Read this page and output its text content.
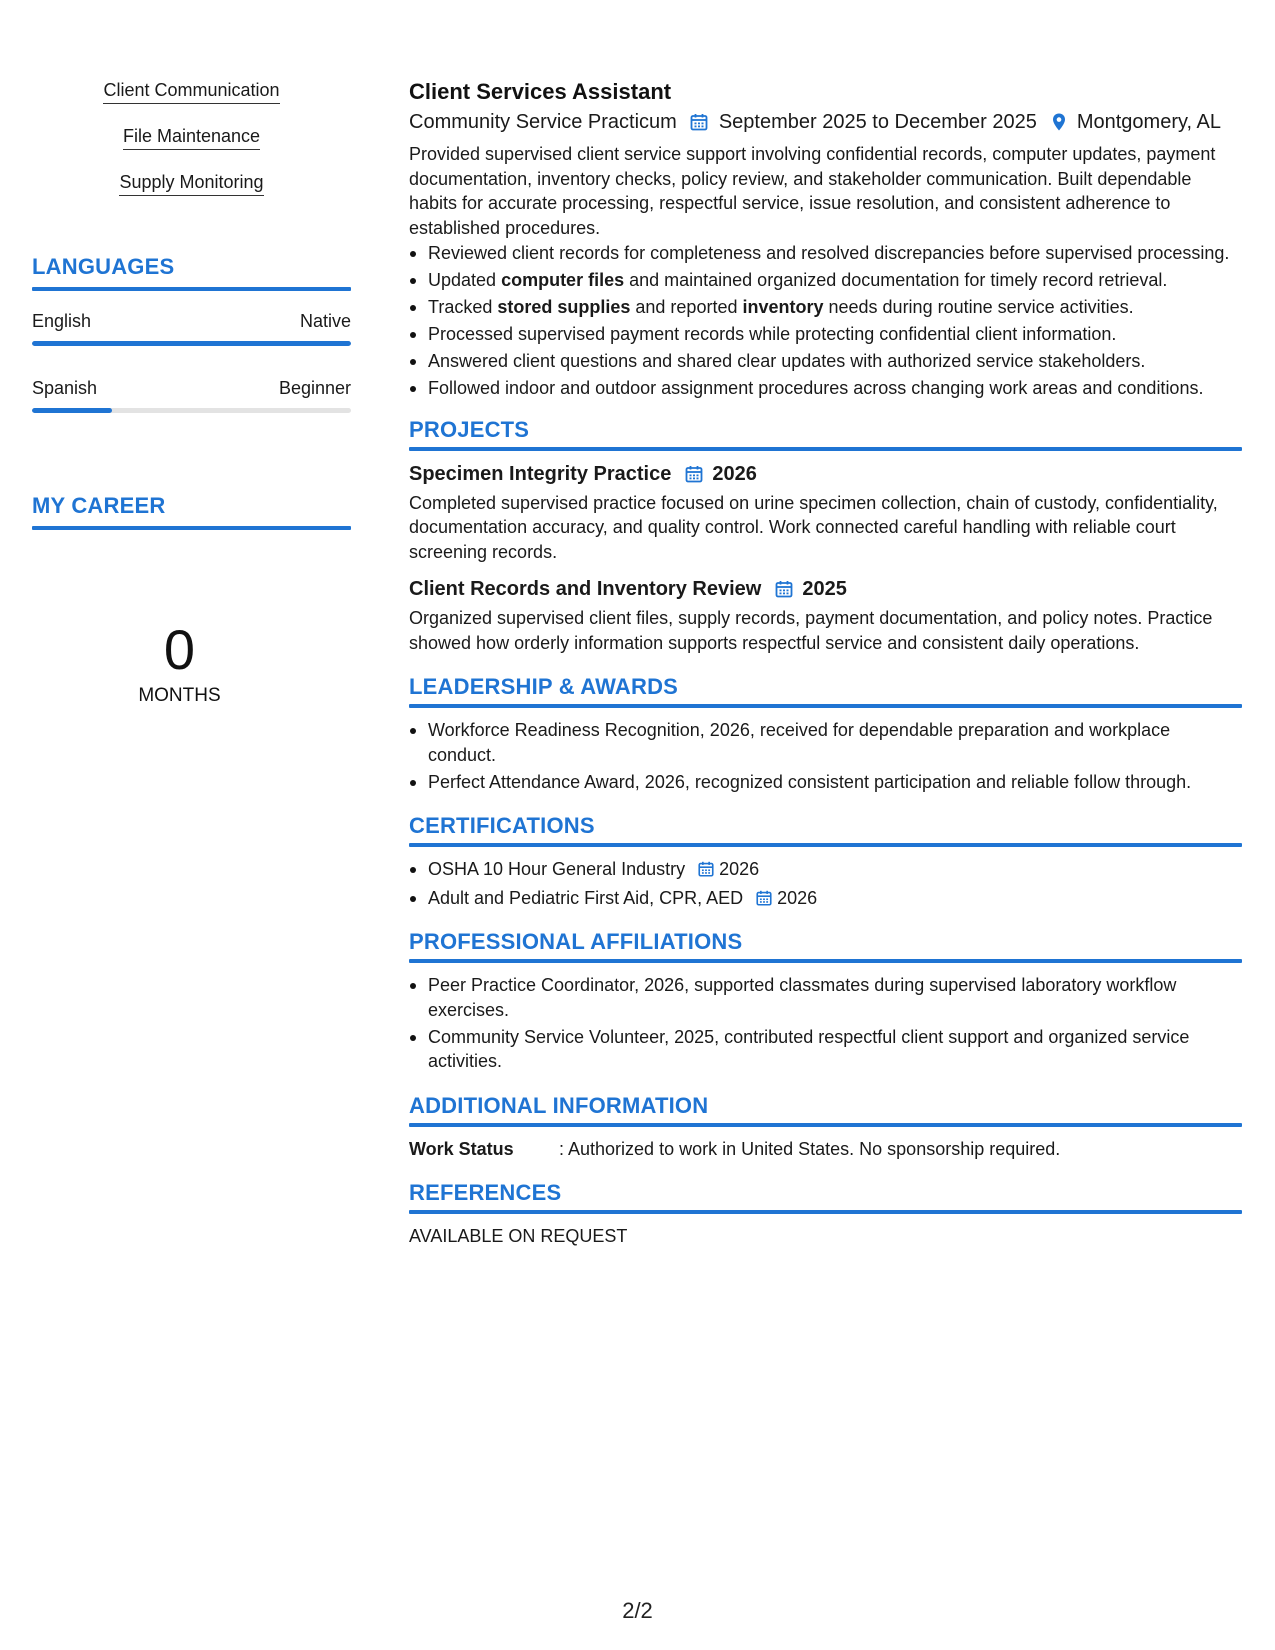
Client Communication
File Maintenance
Supply Monitoring
LANGUAGES
English	Native
Spanish	Beginner
MY CAREER
0
MONTHS
Client Services Assistant
Community Service Practicum September 2025 to December 2025 Montgomery, AL

Provided supervised client service support involving confidential records, computer updates, payment documentation, inventory checks, policy review, and stakeholder communication. Built dependable habits for accurate processing, respectful service, issue resolution, and consistent adherence to established procedures.

Reviewed client records for completeness and resolved discrepancies before supervised processing.
Updated computer files and maintained organized documentation for timely record retrieval.
Tracked stored supplies and reported inventory needs during routine service activities.
Processed supervised payment records while protecting confidential client information.
Answered client questions and shared clear updates with authorized service stakeholders.
Followed indoor and outdoor assignment procedures across changing work areas and conditions.
PROJECTS
Specimen Integrity Practice 2026

Completed supervised practice focused on urine specimen collection, chain of custody, confidentiality, documentation accuracy, and quality control. Work connected careful handling with reliable court screening records.

Client Records and Inventory Review 2025

Organized supervised client files, supply records, payment documentation, and policy notes. Practice showed how orderly information supports respectful service and consistent daily operations.

LEADERSHIP & AWARDS
Workforce Readiness Recognition, 2026, received for dependable preparation and workplace conduct.
Perfect Attendance Award, 2026, recognized consistent participation and reliable follow through.
CERTIFICATIONS
OSHA 10 Hour General Industry 2026
Adult and Pediatric First Aid, CPR, AED 2026
PROFESSIONAL AFFILIATIONS
Peer Practice Coordinator, 2026, supported classmates during supervised laboratory workflow exercises.
Community Service Volunteer, 2025, contributed respectful client support and organized service activities.
ADDITIONAL INFORMATION
Work Status	: Authorized to work in United States. No sponsorship required.
REFERENCES
AVAILABLE ON REQUEST
2/2
